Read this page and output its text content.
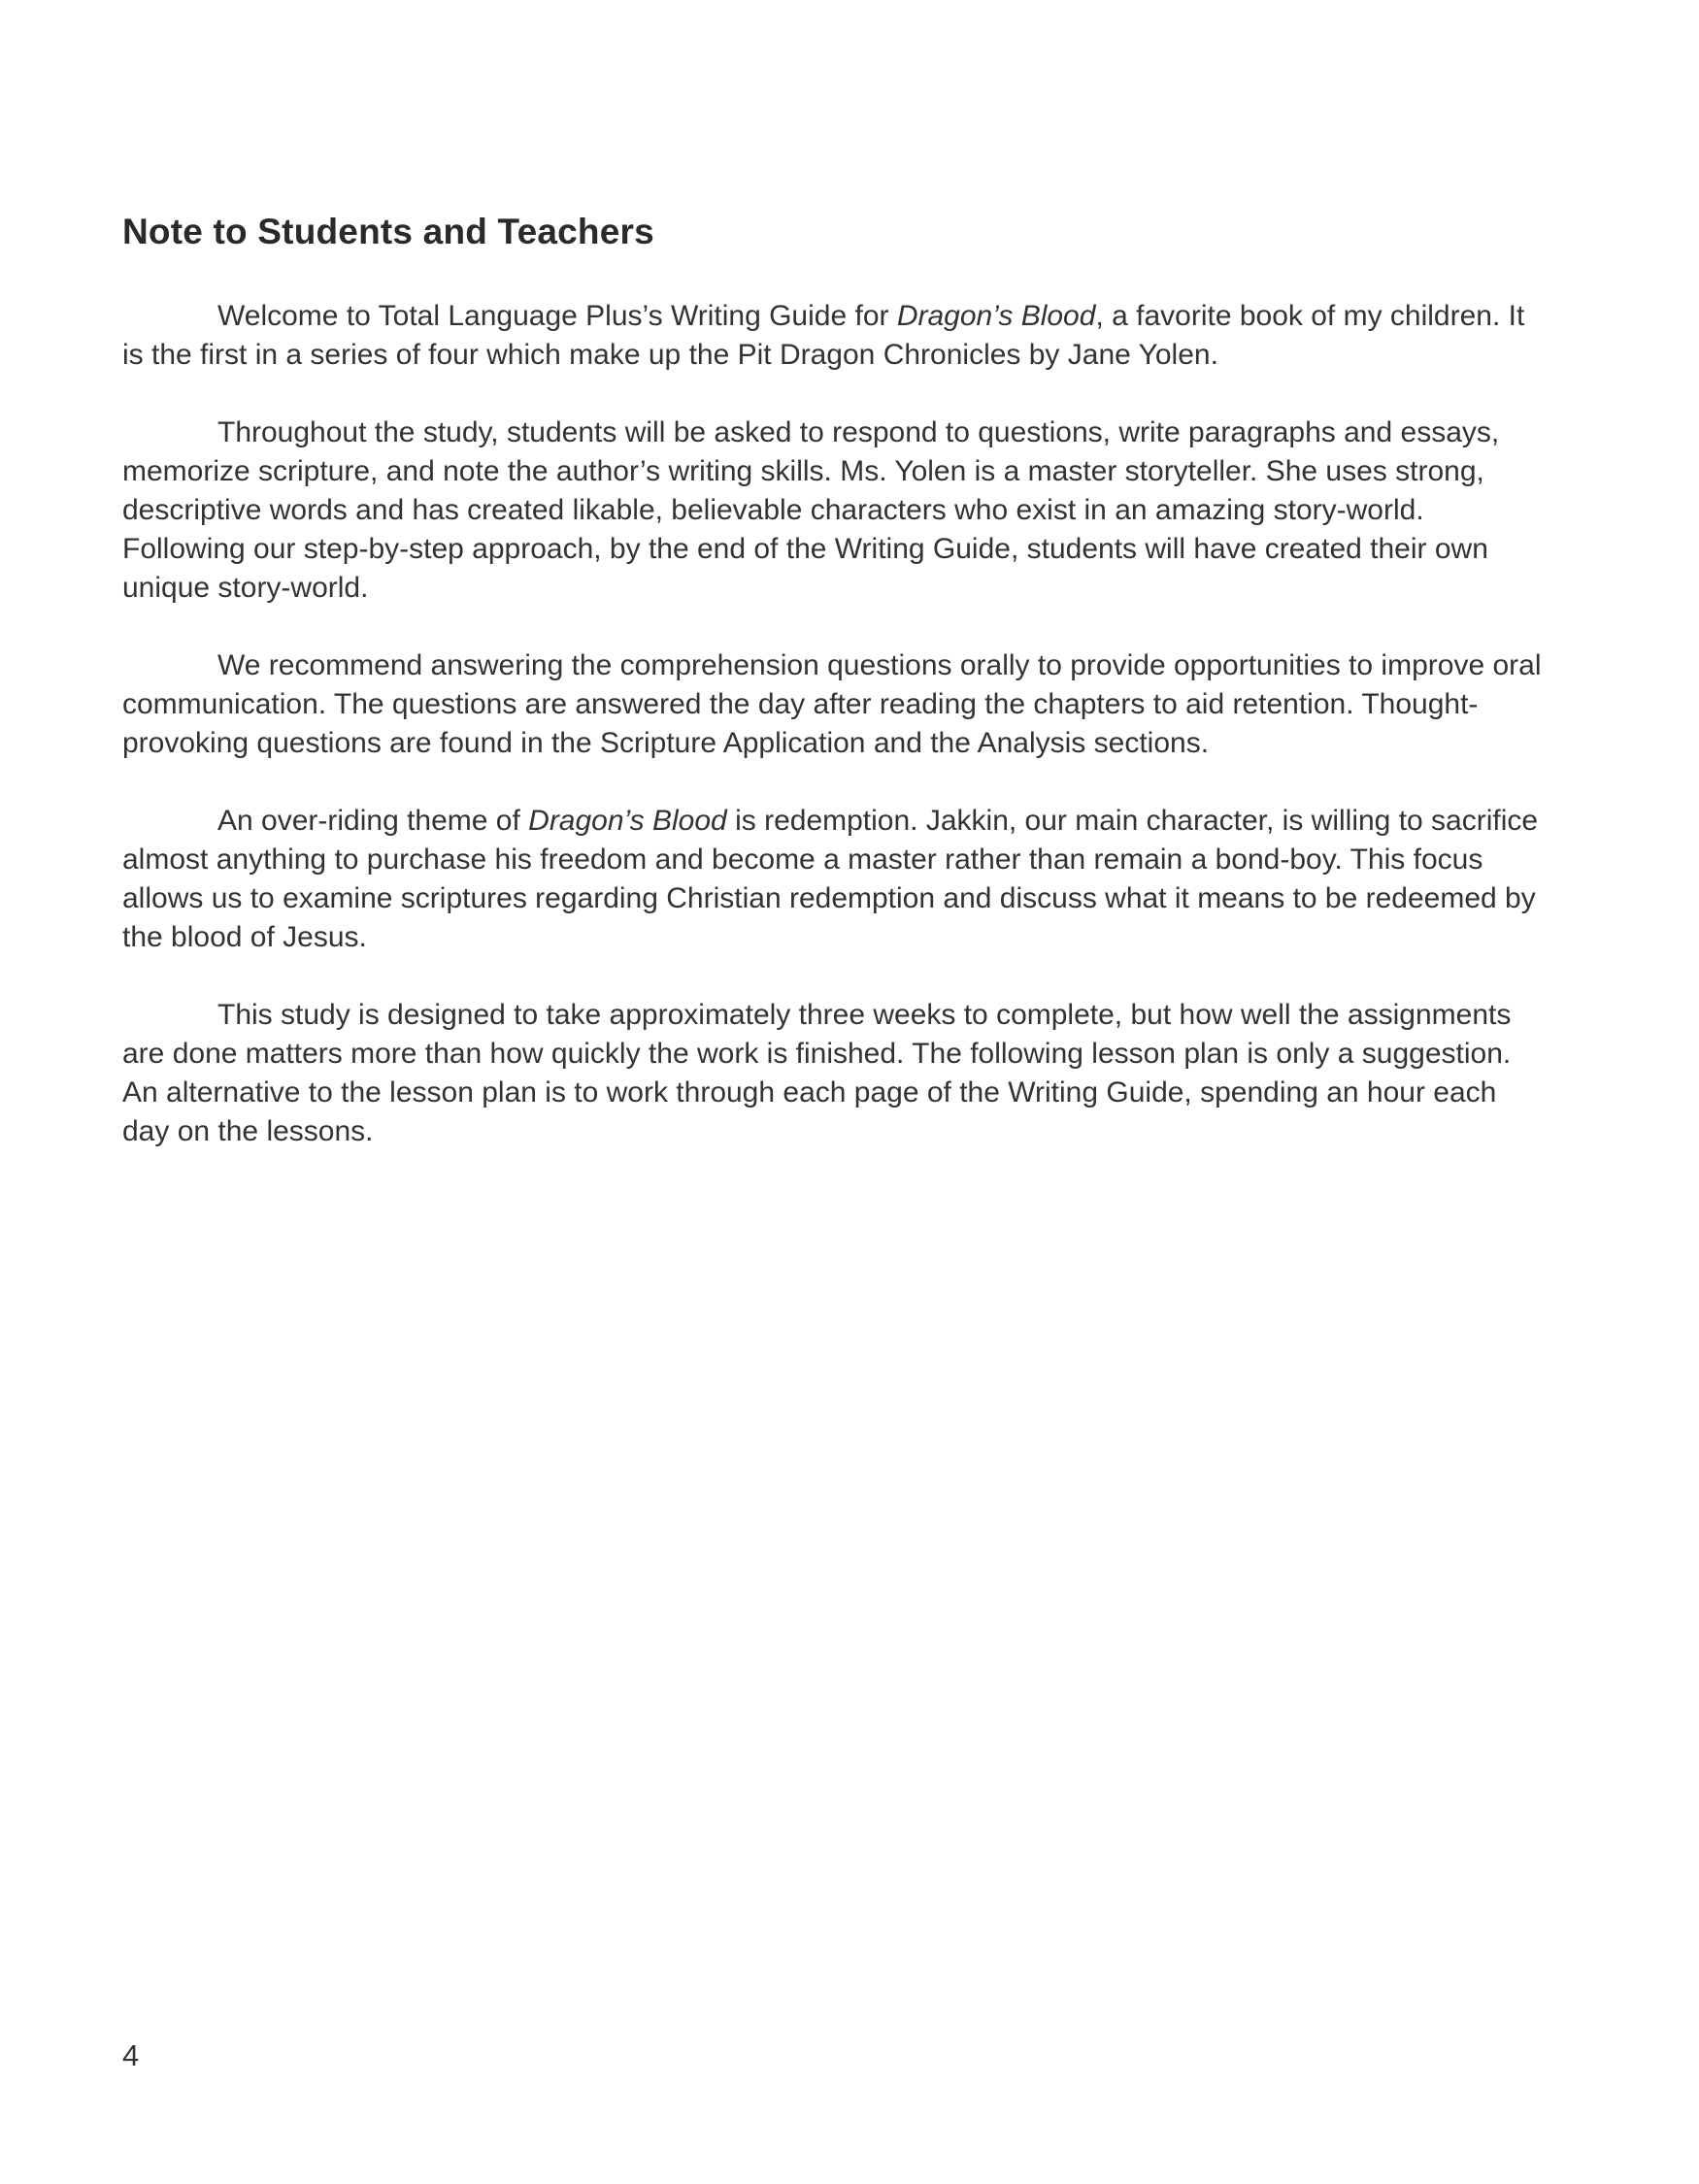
Note to Students and Teachers

Welcome to Total Language Plus’s Writing Guide for Dragon’s Blood, a favorite book of my children. It is the first in a series of four which make up the Pit Dragon Chronicles by Jane Yolen.

Throughout the study, students will be asked to respond to questions, write paragraphs and essays, memorize scripture, and note the author’s writing skills. Ms. Yolen is a master storyteller. She uses strong, descriptive words and has created likable, believable characters who exist in an amazing story-world. Following our step-by-step approach, by the end of the Writing Guide, students will have created their own unique story-world.

We recommend answering the comprehension questions orally to provide opportunities to improve oral communication. The questions are answered the day after reading the chapters to aid retention. Thought-provoking questions are found in the Scripture Application and the Analysis sections.

An over-riding theme of Dragon’s Blood is redemption. Jakkin, our main character, is willing to sacrifice almost anything to purchase his freedom and become a master rather than remain a bond-boy. This focus allows us to examine scriptures regarding Christian redemption and discuss what it means to be redeemed by the blood of Jesus.

This study is designed to take approximately three weeks to complete, but how well the assignments are done matters more than how quickly the work is finished. The following lesson plan is only a suggestion. An alternative to the lesson plan is to work through each page of the Writing Guide, spending an hour each day on the lessons.

4
